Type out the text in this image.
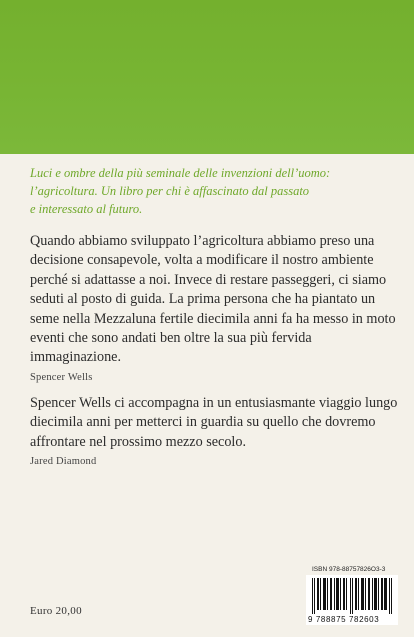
Luci e ombre della più seminale delle invenzioni dell’uomo:
l’agricoltura. Un libro per chi è affascinato dal passato
e interessato al futuro.

Quando abbiamo sviluppato l’agricoltura abbiamo preso una
decisione consapevole, volta a modificare il nostro ambiente
perché si adattasse a noi. Invece di restare passeggeri, ci siamo
seduti al posto di guida. La prima persona che ha piantato un
seme nella Mezzaluna fertile diecimila anni fa ha messo in moto
eventi che sono andati ben oltre la sua più fervida
immaginazione.

Spencer Wells

Spencer Wells ci accompagna in un entusiasmante viaggio lungo
diecimila anni per metterci in guardia su quello che dovremo
affrontare nel prossimo mezzo secolo.

Jared Diamond
Euro 20,00
ISBN 978-88757826O3-3
9 788875 782603
